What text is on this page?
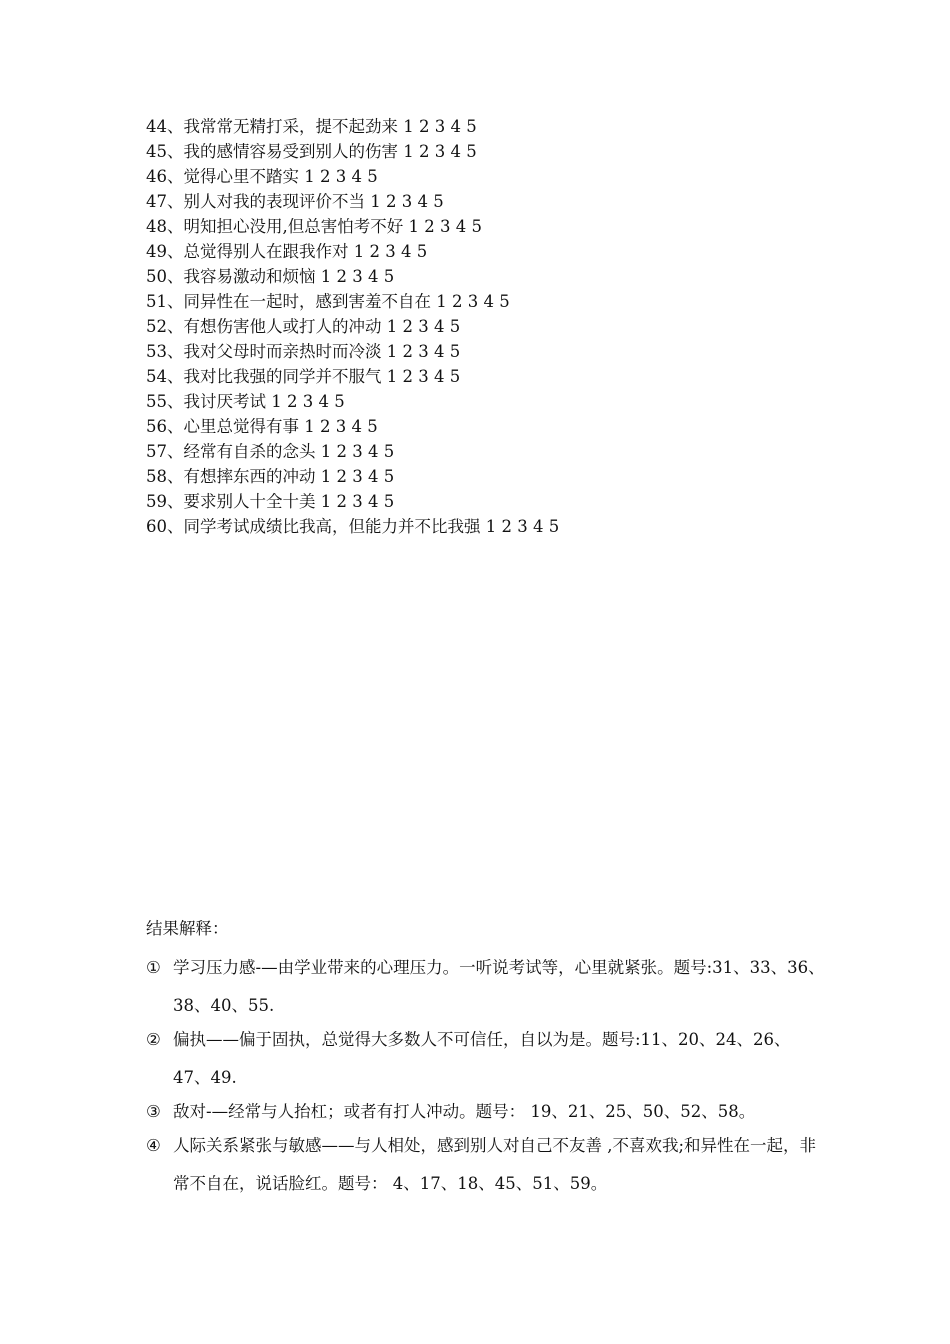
44、我常常无精打采，提不起劲来 1 2 3 4 5
45、我的感情容易受到别人的伤害 1 2 3 4 5
46、觉得心里不踏实 1 2 3 4 5
47、别人对我的表现评价不当 1 2 3 4 5
48、明知担心没用,但总害怕考不好 1 2 3 4 5
49、总觉得别人在跟我作对 1 2 3 4 5
50、我容易激动和烦恼 1 2 3 4 5
51、同异性在一起时，感到害羞不自在 1 2 3 4 5
52、有想伤害他人或打人的冲动 1 2 3 4 5
53、我对父母时而亲热时而冷淡 1 2 3 4 5
54、我对比我强的同学并不服气 1 2 3 4 5
55、我讨厌考试 1 2 3 4 5
56、心里总觉得有事 1 2 3 4 5
57、经常有自杀的念头 1 2 3 4 5
58、有想摔东西的冲动 1 2 3 4 5
59、要求别人十全十美 1 2 3 4 5
60、同学考试成绩比我高，但能力并不比我强 1 2 3 4 5
结果解释：
① 学习压力感-—由学业带来的心理压力。一听说考试等，心里就紧张。题号:31、33、36、38、40、55.
② 偏执——偏于固执，总觉得大多数人不可信任，自以为是。题号:11、20、24、26、47、49.
③ 敌对-—经常与人抬杠；或者有打人冲动。题号： 19、21、25、50、52、58。
④ 人际关系紧张与敏感——与人相处，感到别人对自己不友善 ,不喜欢我;和异性在一起，非常不自在，说话脸红。题号： 4、17、18、45、51、59。
